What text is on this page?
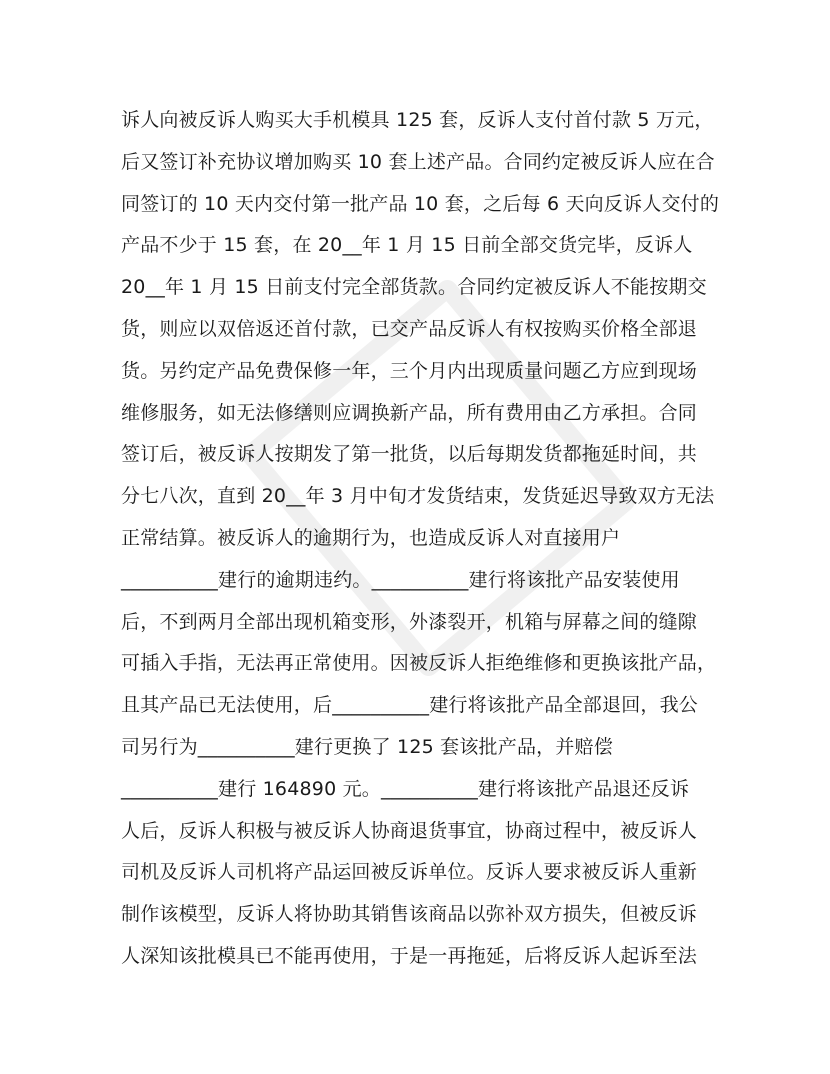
诉人向被反诉人购买大手机模具 125 套，反诉人支付首付款 5 万元，
后又签订补充协议增加购买 10 套上述产品。合同约定被反诉人应在合
同签订的 10 天内交付第一批产品 10 套，之后每 6 天向反诉人交付的
产品不少于 15 套，在 20__年 1 月 15 日前全部交货完毕，反诉人
20__年 1 月 15 日前支付完全部货款。合同约定被反诉人不能按期交
货，则应以双倍返还首付款，已交产品反诉人有权按购买价格全部退
货。另约定产品免费保修一年，三个月内出现质量问题乙方应到现场
维修服务，如无法修缮则应调换新产品，所有费用由乙方承担。合同
签订后，被反诉人按期发了第一批货，以后每期发货都拖延时间，共
分七八次，直到 20__年 3 月中旬才发货结束，发货延迟导致双方无法
正常结算。被反诉人的逾期行为，也造成反诉人对直接用户
__________建行的逾期违约。__________建行将该批产品安装使用
后，不到两月全部出现机箱变形，外漆裂开，机箱与屏幕之间的缝隙
可插入手指，无法再正常使用。因被反诉人拒绝维修和更换该批产品，
且其产品已无法使用，后__________建行将该批产品全部退回，我公
司另行为__________建行更换了 125 套该批产品，并赔偿
__________建行 164890 元。__________建行将该批产品退还反诉
人后，反诉人积极与被反诉人协商退货事宜，协商过程中，被反诉人
司机及反诉人司机将产品运回被反诉单位。反诉人要求被反诉人重新
制作该模型，反诉人将协助其销售该商品以弥补双方损失，但被反诉
人深知该批模具已不能再使用，于是一再拖延，后将反诉人起诉至法
